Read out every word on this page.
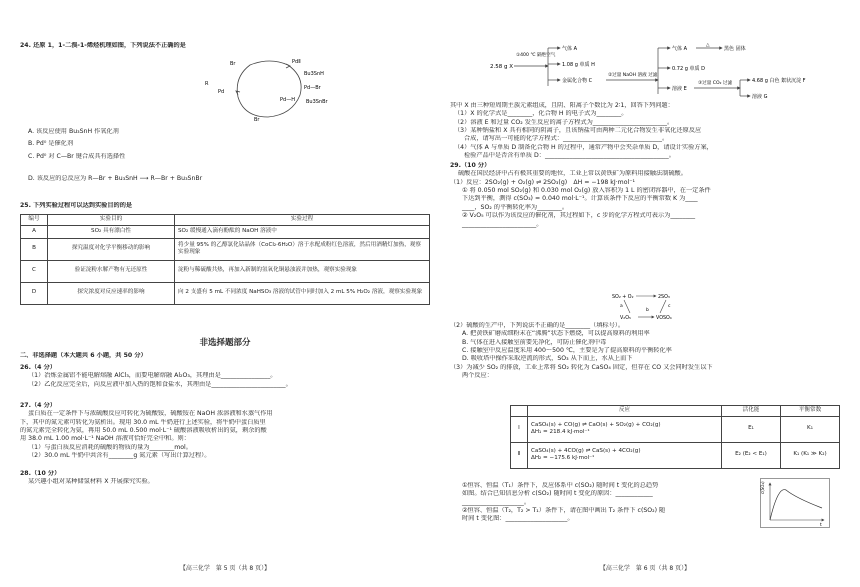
24. 还原 1，1-二溴-1-烯烃机理如图，下列说法不正确的是
Br	PdⅡ
Bu3SnH
Pd—Br
Bu3SnBr
Pd—H
Pd
R
Br
A. 该反应使用 Bu₃SnH 作氧化剂
B. Pd⁰ 是催化剂
C. Pd⁰ 对 C—Br 键合成具有选择性
D. 该反应的总反应为 R—Br + Bu₃SnH ⟶ R—Br + Bu₃SnBr
25. 下列实验过程可以达到实验目的的是
编号	实验目的	实验过程
A	SO₂ 具有漂白性	SO₂ 缓慢通入滴有酚酞的 NaOH 溶液中
B	探究温度对化学平衡移动的影响	将少量 95% 的乙醇氯化钴晶体（CoCl₂·6H₂O）溶于水配成粉红色溶液，然后用酒精灯加热，观察实验现象
C	验证淀粉水解产物有无还原性	淀粉与稀硫酸共热，再加入新制的氢氧化铜悬浊液并加热，观察实验现象
D	探究浓度对反应速率的影响	向 2 支盛有 5 mL 不同浓度 NaHSO₃ 溶液的试管中同时加入 2 mL 5% H₂O₂ 溶液，观察实验现象
非选择题部分
二、非选择题（本大题共 6 小题，共 50 分）
26.（4 分）
（1）冶炼金属铝不能电解熔融 AlCl₃，而要电解熔融 Al₂O₃，其理由是________________。
（2）乙化反应完全后，向反应液中加入热的饱和食盐水，其理由是________________________。
27.（4 分）
蛋白质在一定条件下与浓硫酸反应可转化为硫酸铵，硫酸铵在 NaOH 浓溶液和水蒸气作用
下，其中的氮元素可转化为氨析出。现用 30.0 mL 牛奶进行上述实验，将牛奶中蛋白质里
的氮元素完全转化为氨，再用 50.0 mL 0.500 mol·L⁻¹ 硫酸溶液吸收析出的氨，剩余的酸
用 38.0 mL 1.00 mol·L⁻¹ NaOH 溶液可恰好完全中和。则：
（1）与蛋白质反应消耗的硫酸的物质的量为________mol。
（2）30.0 mL 牛奶中共含有________g 氮元素（写出计算过程）。
28.（10 分）
某兴趣小组对某种储氢材料 X 开展探究实验。
【高三化学　第 5 页（共 8 页）】
2.58 g X
①400 ℃ 隔绝空气
气体 A
1.08 g 单质 H
金属化合物 C
②过量 NaOH 溶液 过滤
气体 A
△
黑色 固体
0.72 g 单质 D
溶液 E
③过量 CO₂ 过滤	4.68 g 白色 絮状沉淀 F
溶液 G
其中 X 由三种短周期主族元素组成，且阴、阳离子个数比为 2∶1，回答下列问题：
（1）X 的化学式是________，化合物 H 的电子式为________。
（2）溶液 E 和过量 CO₂ 发生反应的离子方程式为________________________。
（3）某种钠盐和 X 具有相同的阴离子，且该钠盐可由两种二元化合物发生非氧化还原反应
合成，请写出一可能的化学方程式：________________________________。
（4）气体 A 与单质 D 制备化合物 H 的过程中，通常产物中会夹杂单质 D，请设计实验方案，
检验产品中是否含有单质 D：________________________________________。
29.（10 分）
硫酸在国民经济中占有极其重要的地位，工业上常以黄铁矿为原料用接触法制硫酸。
（1）反应：2SO₂(g) + O₂(g) ⇌ 2SO₃(g)　ΔH = −198 kJ·mol⁻¹
① 将 0.050 mol SO₂(g) 和 0.030 mol O₂(g) 放入容积为 1 L 的密闭容器中，在一定条件
下达到平衡，测得 c(SO₃) = 0.040 mol·L⁻¹。计算该条件下反应的平衡常数 K 为____
____，SO₂ 的平衡转化率为________。
② V₂O₅ 可以作为该反应的催化剂，其过程如下，c 步的化学方程式可表示为________
________________________。
SO₂ + O₂	2SO₃
a
b
c
V₂O₅	VOSO₄
（2）硫酸的生产中，下列说法不正确的是________（填标号）。
A. 把黄铁矿磨成细粉末在“沸腾”状态下燃烧，可以提高原料的利用率
B. 气体在进入接触室前要先净化，可防止催化剂中毒
C. 接触室中反应温度采用 400～500 ℃，主要是为了提高原料的平衡转化率
D. 吸收塔中操作采取逆流的形式，SO₃ 从下而上，水从上而下
（3）为减少 SO₂ 的排放，工业上常将 SO₂ 转化为 CaSO₄ 固定，但存在 CO 又会同时发生以下
两个反应：
	反应	活化能	平衡常数
Ⅰ	CaSO₄(s) + CO(g) ⇌ CaO(s) + SO₂(g) + CO₂(g)
ΔH₁ = 218.4 kJ·mol⁻¹	E₁	K₁
Ⅱ	CaSO₄(s) + 4CO(g) ⇌ CaS(s) + 4CO₂(g)
ΔH₂ = −175.6 kJ·mol⁻¹	E₂ (E₂ < E₁)	K₁ (K₁ ≫ K₂)
①恒容、恒温（T₁）条件下，反应体系中 c(SO₂) 随时间 t 变化的总趋势
如图。结合已知信息分析 c(SO₂) 随时间 t 变化的原因：____________
____________________。
②恒容、恒温（T₂，T₂ > T₁）条件下，请在图中画出 T₂ 条件下 c(SO₂) 随
时间 t 变化图：____________________。
c(SO₂)
t
【高三化学　第 6 页（共 8 页）】
